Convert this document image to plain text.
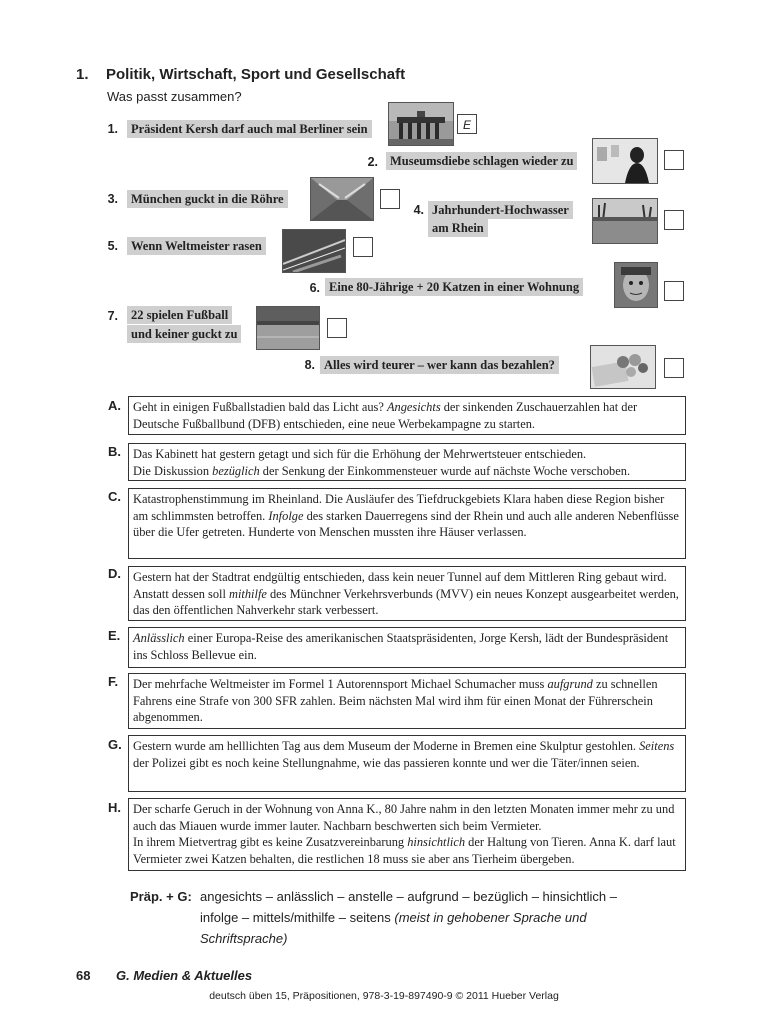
1. Politik, Wirtschaft, Sport und Gesellschaft
Was passt zusammen?
1.	Präsident Kersh darf auch mal Berliner sein	E
2. Museumsdiebe schlagen wieder zu
3.	München guckt in die Röhre
4. Jahrhundert-Hochwasser
am Rhein
5.	Wenn Weltmeister rasen
6. Eine 80-Jährige + 20 Katzen in einer Wohnung
7.	22 spielen Fußball
und keiner guckt zu
8. Alles wird teurer – wer kann das bezahlen?
A. Geht in einigen Fußballstadien bald das Licht aus? Angesichts der sinkenden Zuschauerzahlen hat der Deutsche Fußballbund (DFB) entschieden, eine neue Werbekampagne zu starten.

B. Das Kabinett hat gestern getagt und sich für die Erhöhung der Mehrwertsteuer entschieden.
Die Diskussion bezüglich der Senkung der Einkommensteuer wurde auf nächste Woche verschoben.

C. Katastrophenstimmung im Rheinland. Die Ausläufer des Tiefdruckgebiets Klara haben diese Region bisher am schlimmsten betroffen. Infolge des starken Dauerregens sind der Rhein und auch alle anderen Nebenflüsse über die Ufer getreten. Hunderte von Menschen mussten ihre Häuser verlassen.

D. Gestern hat der Stadtrat endgültig entschieden, dass kein neuer Tunnel auf dem Mittleren Ring gebaut wird. Anstatt dessen soll mithilfe des Münchner Verkehrsverbunds (MVV) ein neues Konzept ausgearbeitet werden, das den öffentlichen Nahverkehr stark verbessert.

E. Anlässlich einer Europa-Reise des amerikanischen Staatspräsidenten, Jorge Kersh, lädt der Bundespräsident ins Schloss Bellevue ein.

F. Der mehrfache Weltmeister im Formel 1 Autorennsport Michael Schumacher muss aufgrund zu schnellen Fahrens eine Strafe von 300 SFR zahlen. Beim nächsten Mal wird ihm für einen Monat der Führerschein abgenommen.

G. Gestern wurde am helllichten Tag aus dem Museum der Moderne in Bremen eine Skulptur gestohlen. Seitens der Polizei gibt es noch keine Stellungnahme, wie das passieren konnte und wer die Täter/innen seien.

H. Der scharfe Geruch in der Wohnung von Anna K., 80 Jahre nahm in den letzten Monaten immer mehr zu und auch das Miauen wurde immer lauter. Nachbarn beschwerten sich beim Vermieter.
In ihrem Mietvertrag gibt es keine Zusatzvereinbarung hinsichtlich der Haltung von Tieren. Anna K. darf laut Vermieter zwei Katzen behalten, die restlichen 18 muss sie aber ans Tierheim übergeben.

Präp. + G: angesichts – anlässlich – anstelle – aufgrund – bezüglich – hinsichtlich –
infolge – mittels/mithilfe – seitens (meist in gehobener Sprache und
Schriftsprache)
68 G. Medien & Aktuelles
deutsch üben 15, Präpositionen, 978-3-19-897490-9 © 2011 Hueber Verlag
